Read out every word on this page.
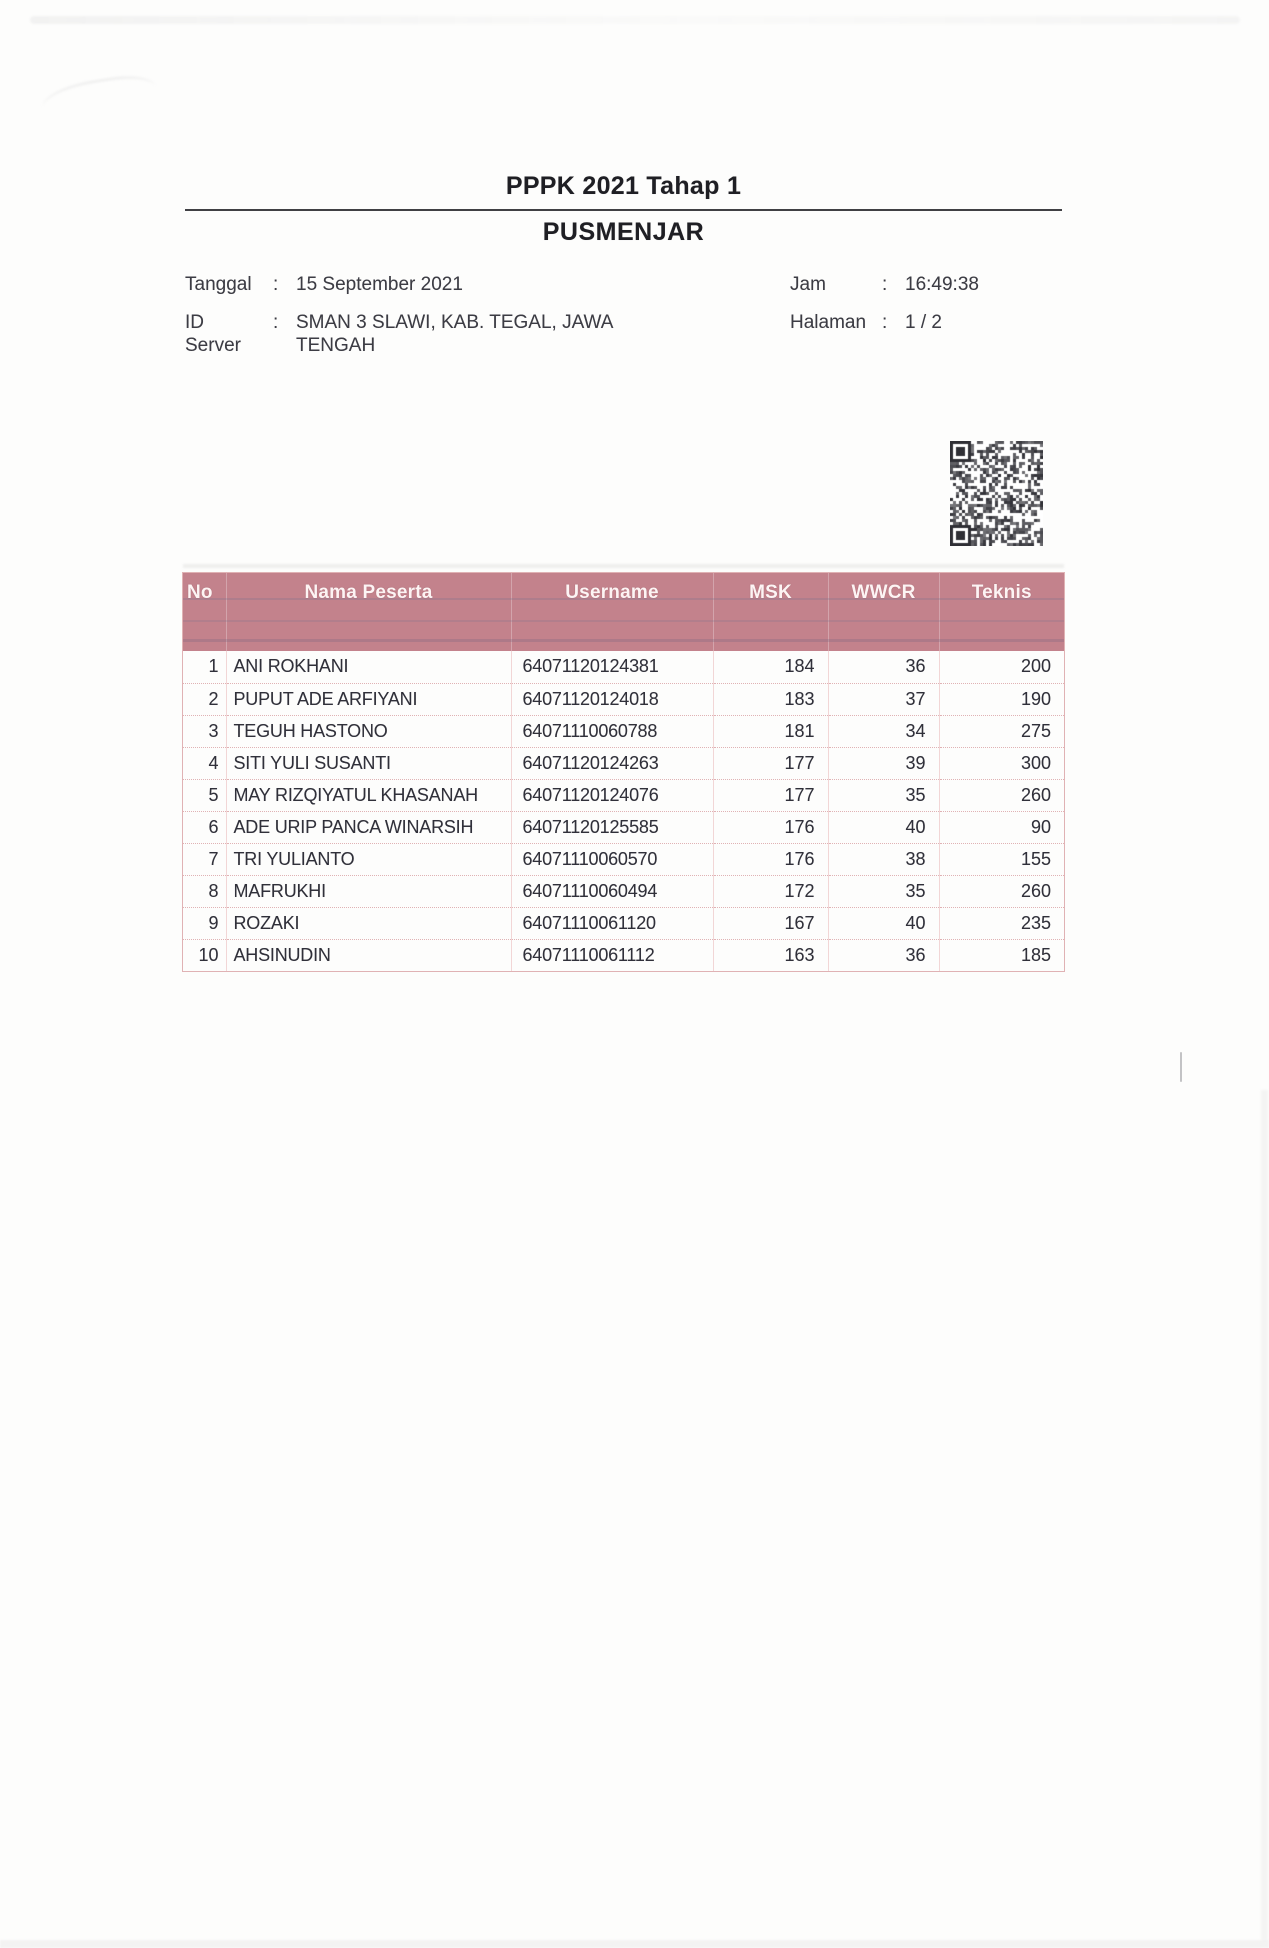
PPPK 2021 Tahap 1
PUSMENJAR
Tanggal : 15 September 2021	Jam	: 16:49:38
ID Server
: SMAN 3 SLAWI, KAB. TEGAL, JAWA TENGAH
Halaman : 1 / 2
No	Nama Peserta	Username	MSK	WWCR	Teknis
1	ANI ROKHANI	64071120124381	184	36	200
2	PUPUT ADE ARFIYANI	64071120124018	183	37	190
3	TEGUH HASTONO	64071110060788	181	34	275
4	SITI YULI SUSANTI	64071120124263	177	39	300
5	MAY RIZQIYATUL KHASANAH	64071120124076	177	35	260
6	ADE URIP PANCA WINARSIH	64071120125585	176	40	90
7	TRI YULIANTO	64071110060570	176	38	155
8	MAFRUKHI	64071110060494	172	35	260
9	ROZAKI	64071110061120	167	40	235
10	AHSINUDIN	64071110061112	163	36	185
